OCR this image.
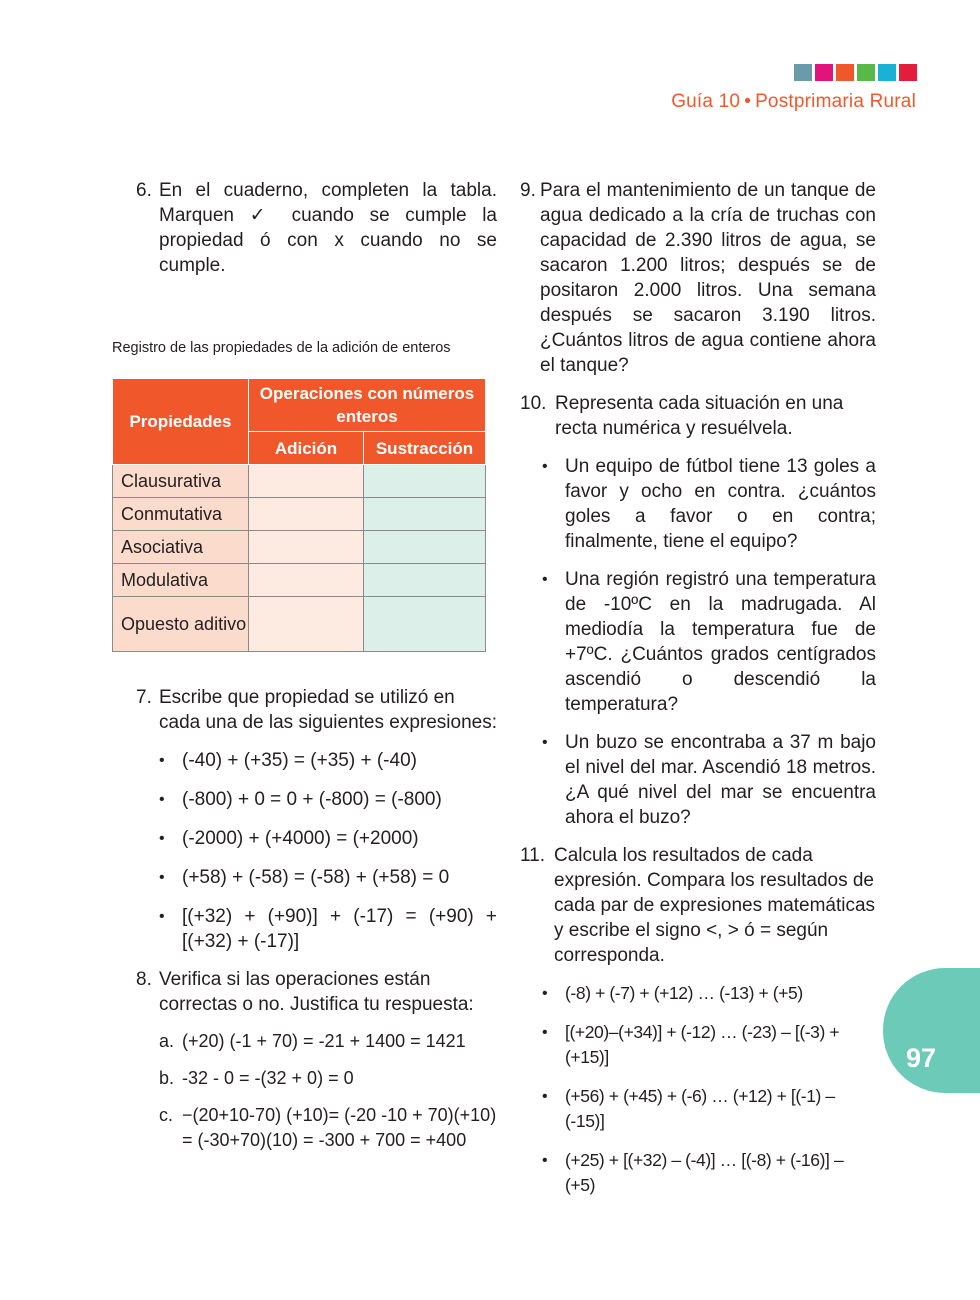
Guía 10 • Postprimaria Rural
6. En el cuaderno, completen la tabla. Marquen ✓ cuando se cumple la propiedad ó con x cuando no se cumple.
Registro de las propiedades de la adición de enteros
Propiedades	Operaciones con números enteros	
	Adición	Sustracción
Clausurativa		
Conmutativa		
Asociativa		
Modulativa		
Opuesto aditivo		
7. Escribe que propiedad se utilizó en cada una de las siguientes expresiones:
• (-40) + (+35) = (+35) + (-40)
• (-800) + 0 = 0 + (-800) = (-800)
• (-2000) + (+4000) = (+2000)
• (+58) + (-58) = (-58) + (+58) = 0
• [(+32) + (+90)] + (-17) = (+90) + [(+32) + (-17)]
8. Verifica si las operaciones están correctas o no. Justifica tu respuesta:
a. (+20) (-1 + 70) = -21 + 1400 = 1421
b. -32 - 0 = -(32 + 0) = 0
c. −(20+10-70) (+10)= (-20 -10 + 70)(+10) = (-30+70)(10) = -300 + 700 = +400
9. Para el mantenimiento de un tanque de agua dedicado a la cría de truchas con capacidad de 2.390 litros de agua, se sacaron 1.200 litros; después se de positaron 2.000 litros. Una semana después se sacaron 3.190 litros. ¿Cuántos litros de agua contiene ahora el tanque?
10. Representa cada situación en una recta numérica y resuélvela.
• Un equipo de fútbol tiene 13 goles a favor y ocho en contra. ¿cuántos goles a favor o en contra; finalmente, tiene el equipo?
• Una región registró una temperatura de -10ºC en la madrugada. Al mediodía la temperatura fue de +7ºC. ¿Cuántos grados centígrados ascendió o descendió la temperatura?
• Un buzo se encontraba a 37 m bajo el nivel del mar. Ascendió 18 metros. ¿A qué nivel del mar se encuentra ahora el buzo?
11. Calcula los resultados de cada expresión. Compara los resultados de cada par de expresiones matemáticas y escribe el signo <, > ó = según corresponda.
• (-8) + (-7) + (+12) … (-13) + (+5)
• [(+20)–(+34)] + (-12) … (-23) – [(-3) + (+15)]
• (+56) + (+45) + (-6) … (+12) + [(-1) – (-15)]
• (+25) + [(+32) – (-4)] … [(-8) + (-16)] – (+5)
97
